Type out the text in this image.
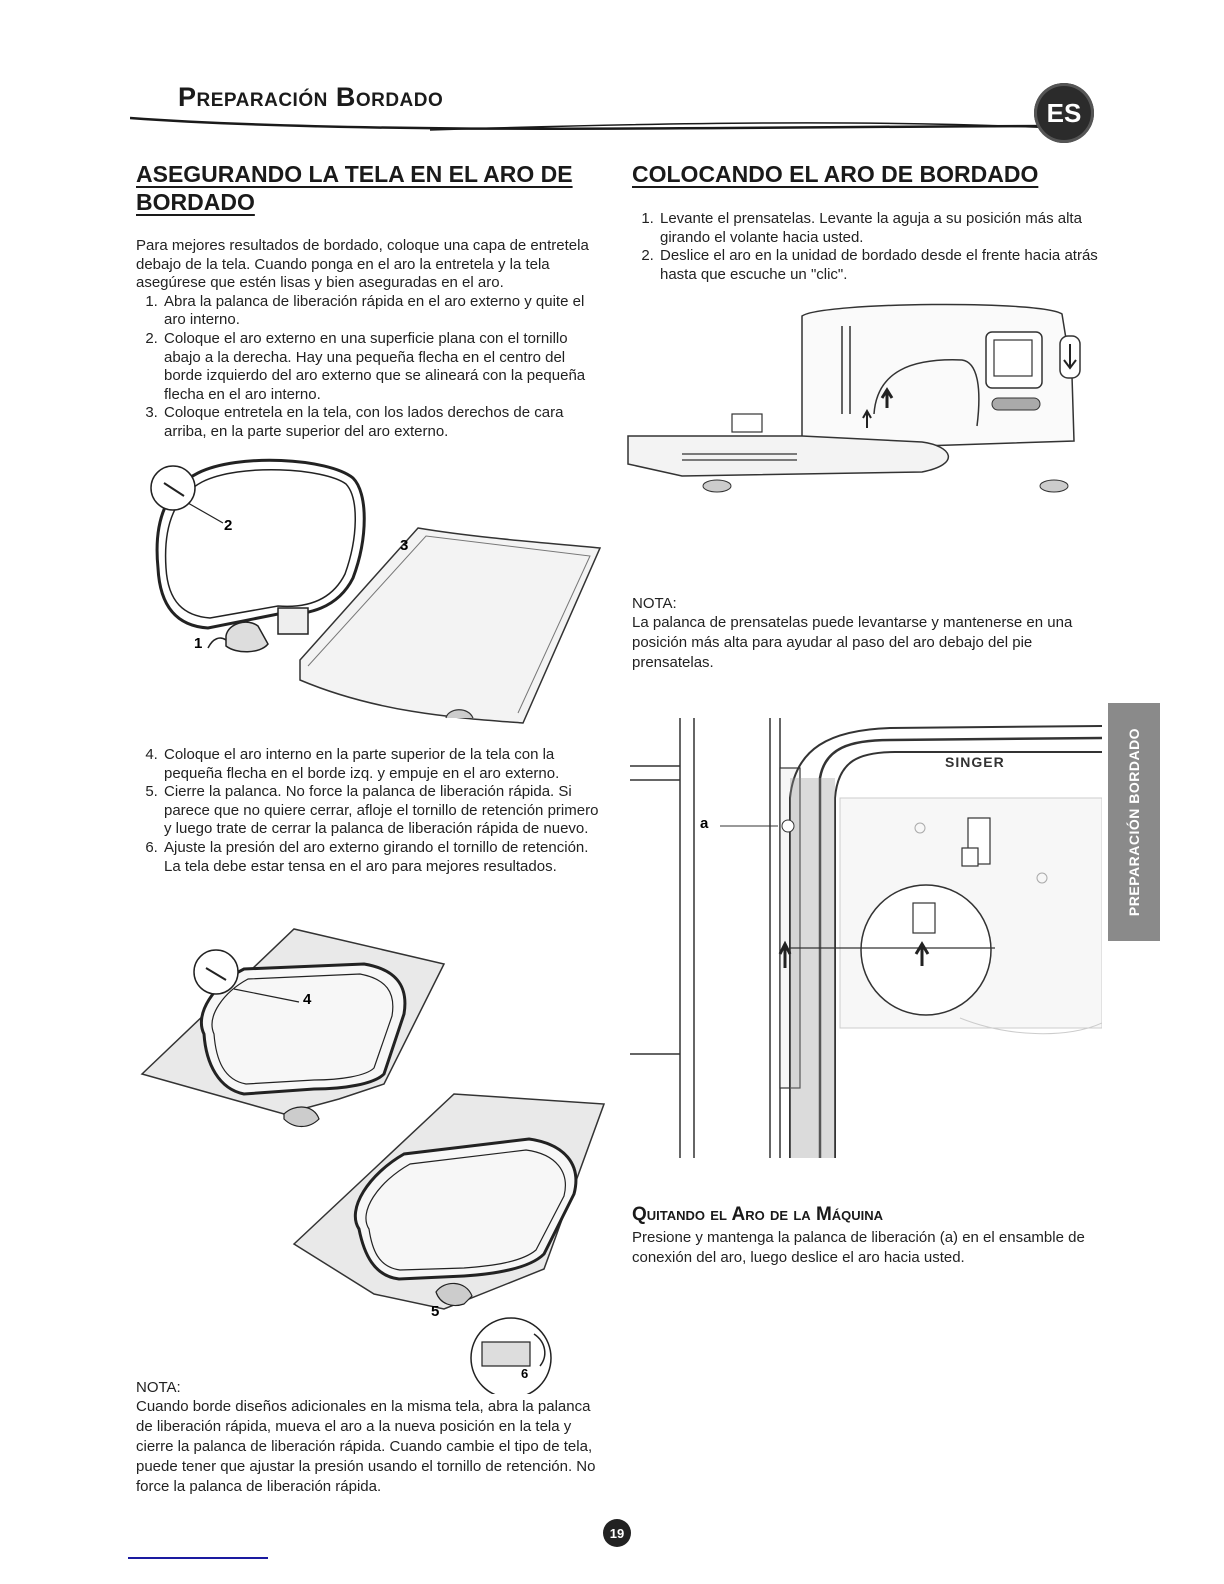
Preparación Bordado
ES
ASEGURANDO LA TELA EN EL ARO DE BORDADO
Para mejores resultados de bordado, coloque una capa de entretela debajo de la tela. Cuando ponga en el aro la entretela y la tela asegúrese que estén lisas y bien aseguradas en el aro.
1. Abra la palanca de liberación rápida en el aro externo y quite el aro interno.
2. Coloque el aro externo en una superficie plana con el tornillo abajo a la derecha. Hay una pequeña flecha en el centro del borde izquierdo del aro externo que se alineará con la pequeña flecha en el aro interno.
3. Coloque entretela en la tela, con los lados derechos de cara arriba, en la parte superior del aro externo.
2
3
1
4. Coloque el aro interno en la parte superior de la tela con la pequeña flecha en el borde izq. y empuje en el aro externo.
5. Cierre la palanca. No force la palanca de liberación rápida. Si parece que no quiere cerrar, afloje el tornillo de retención primero y luego trate de cerrar la palanca de liberación rápida de nuevo.
6. Ajuste la presión del aro externo girando el tornillo de retención. La tela debe estar tensa en el aro para mejores resultados.
4
5
6
NOTA:
Cuando borde diseños adicionales en la misma tela, abra la palanca de liberación rápida, mueva el aro a la nueva posición en la tela y cierre la palanca de liberación rápida. Cuando cambie el tipo de tela, puede tener que ajustar la presión usando el tornillo de retención. No force la palanca de liberación rápida.
COLOCANDO EL ARO DE BORDADO
1. Levante el prensatelas. Levante la aguja a su posición más alta girando el volante hacia usted.
2. Deslice el aro en la unidad de bordado desde el frente hacia atrás hasta que escuche un "clic".
NOTA:
La palanca de prensatelas puede levantarse y mantenerse en una posición más alta para ayudar al paso del aro debajo del pie prensatelas.
SINGER
a
Quitando el Aro de la Máquina
Presione y mantenga la palanca de liberación (a) en el ensamble de conexión del aro, luego deslice el aro hacia usted.
PREPARACIÓN BORDADO
19
